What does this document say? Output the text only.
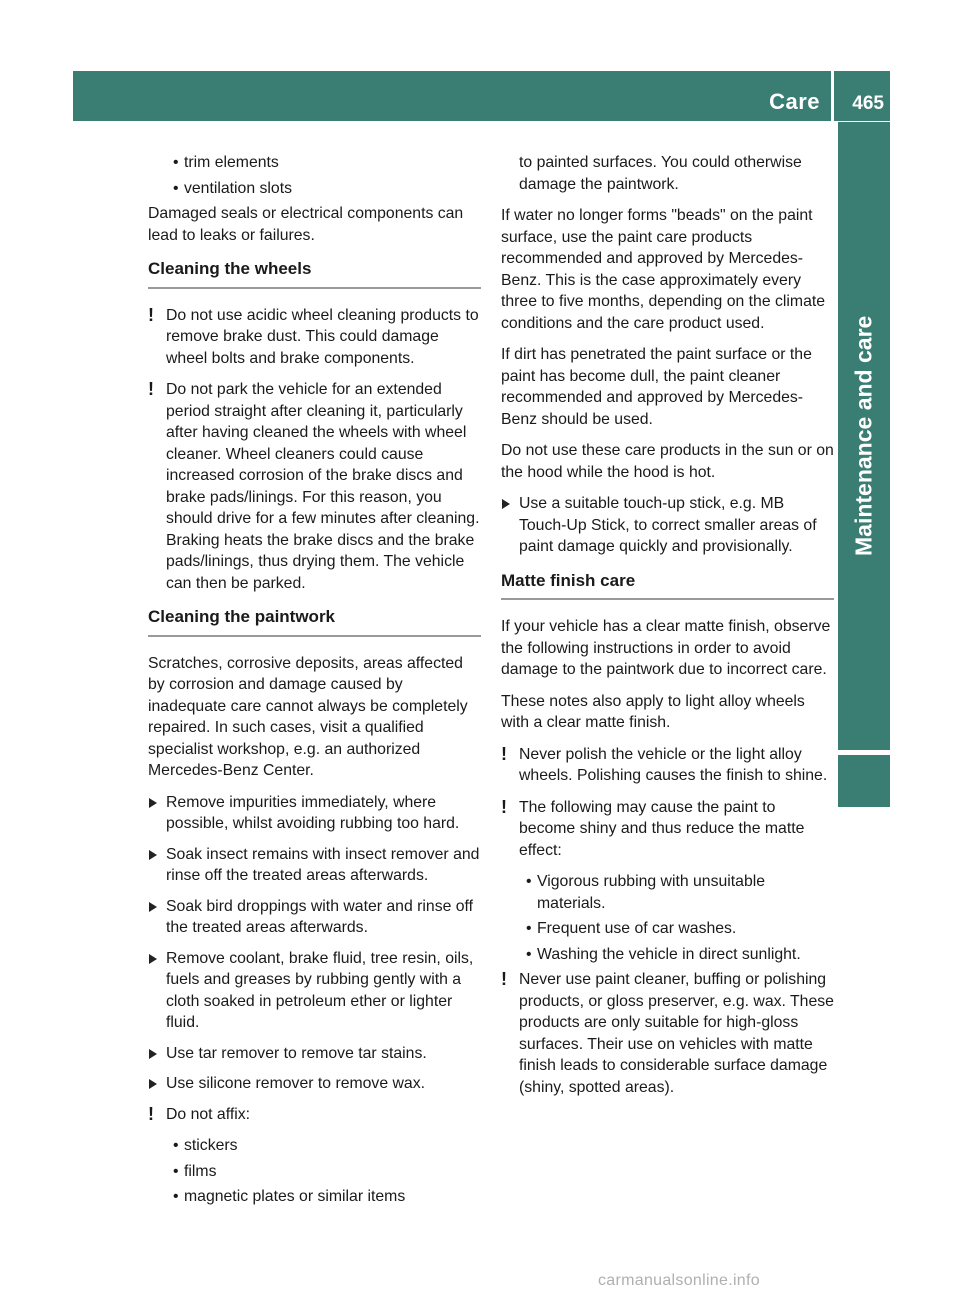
Care 465
Maintenance and care
• trim elements
• ventilation slots

Damaged seals or electrical components can lead to leaks or failures.

Cleaning the wheels
! Do not use acidic wheel cleaning products to remove brake dust. This could damage wheel bolts and brake components.
! Do not park the vehicle for an extended period straight after cleaning it, particularly after having cleaned the wheels with wheel cleaner. Wheel cleaners could cause increased corrosion of the brake discs and brake pads/linings. For this reason, you should drive for a few minutes after cleaning. Braking heats the brake discs and the brake pads/linings, thus drying them. The vehicle can then be parked.
Cleaning the paintwork

Scratches, corrosive deposits, areas affected by corrosion and damage caused by inadequate care cannot always be completely repaired. In such cases, visit a qualified specialist workshop, e.g. an authorized Mercedes-Benz Center.

Remove impurities immediately, where possible, whilst avoiding rubbing too hard.
Soak insect remains with insect remover and rinse off the treated areas afterwards.
Soak bird droppings with water and rinse off the treated areas afterwards.
Remove coolant, brake fluid, tree resin, oils, fuels and greases by rubbing gently with a cloth soaked in petroleum ether or lighter fluid.
Use tar remover to remove tar stains.
Use silicone remover to remove wax.
! Do not affix:
• stickers
• films
• magnetic plates or similar items
to painted surfaces. You could otherwise damage the paintwork.

If water no longer forms "beads" on the paint surface, use the paint care products recommended and approved by Mercedes-Benz. This is the case approximately every three to five months, depending on the climate conditions and the care product used.

If dirt has penetrated the paint surface or the paint has become dull, the paint cleaner recommended and approved by Mercedes-Benz should be used.

Do not use these care products in the sun or on the hood while the hood is hot.

Use a suitable touch-up stick, e.g. MB Touch-Up Stick, to correct smaller areas of paint damage quickly and provisionally.
Matte finish care

If your vehicle has a clear matte finish, observe the following instructions in order to avoid damage to the paintwork due to incorrect care.

These notes also apply to light alloy wheels with a clear matte finish.

! Never polish the vehicle or the light alloy wheels. Polishing causes the finish to shine.
! The following may cause the paint to become shiny and thus reduce the matte effect:
• Vigorous rubbing with unsuitable materials.
• Frequent use of car washes.
• Washing the vehicle in direct sunlight.
! Never use paint cleaner, buffing or polishing products, or gloss preserver, e.g. wax. These products are only suitable for high-gloss surfaces. Their use on vehicles with matte finish leads to considerable surface damage (shiny, spotted areas).
carmanualsonline.info
